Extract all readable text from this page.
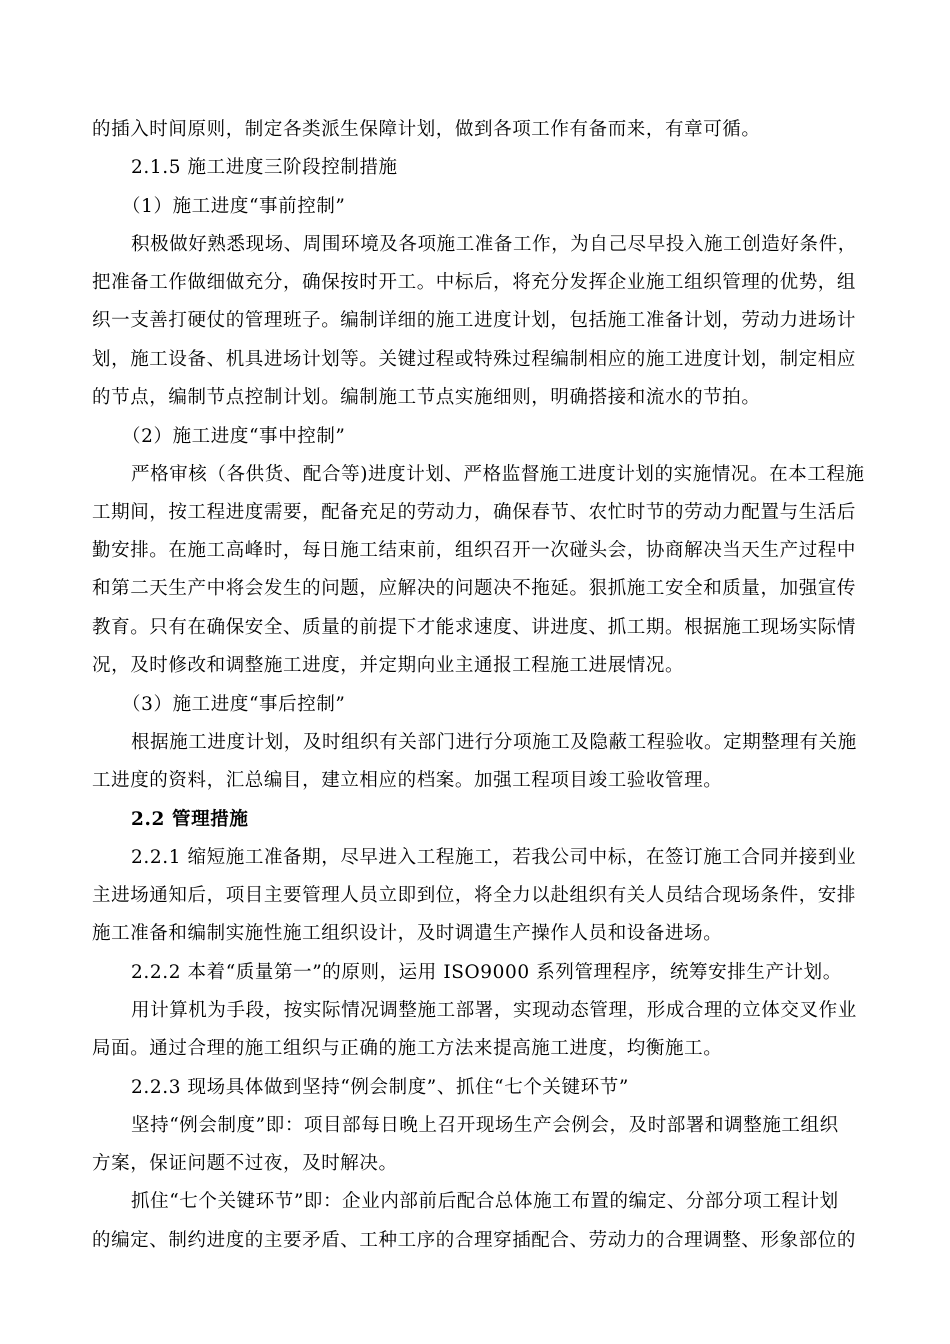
的插入时间原则，制定各类派生保障计划，做到各项工作有备而来，有章可循。

2.1.5 施工进度三阶段控制措施

（1）施工进度“事前控制”

积极做好熟悉现场、周围环境及各项施工准备工作，为自己尽早投入施工创造好条件，

把准备工作做细做充分，确保按时开工。中标后，将充分发挥企业施工组织管理的优势，组

织一支善打硬仗的管理班子。编制详细的施工进度计划，包括施工准备计划，劳动力进场计

划，施工设备、机具进场计划等。关键过程或特殊过程编制相应的施工进度计划，制定相应

的节点，编制节点控制计划。编制施工节点实施细则，明确搭接和流水的节拍。

（2）施工进度“事中控制”

严格审核（各供货、配合等)进度计划、严格监督施工进度计划的实施情况。在本工程施

工期间，按工程进度需要，配备充足的劳动力，确保春节、农忙时节的劳动力配置与生活后

勤安排。在施工高峰时，每日施工结束前，组织召开一次碰头会，协商解决当天生产过程中

和第二天生产中将会发生的问题，应解决的问题决不拖延。狠抓施工安全和质量，加强宣传

教育。只有在确保安全、质量的前提下才能求速度、讲进度、抓工期。根据施工现场实际情

况，及时修改和调整施工进度，并定期向业主通报工程施工进展情况。

（3）施工进度“事后控制”

根据施工进度计划，及时组织有关部门进行分项施工及隐蔽工程验收。定期整理有关施

工进度的资料，汇总编目，建立相应的档案。加强工程项目竣工验收管理。

2.2 管理措施

2.2.1 缩短施工准备期，尽早进入工程施工，若我公司中标，在签订施工合同并接到业

主进场通知后，项目主要管理人员立即到位，将全力以赴组织有关人员结合现场条件，安排

施工准备和编制实施性施工组织设计，及时调遣生产操作人员和设备进场。

2.2.2 本着“质量第一”的原则，运用 ISO9000 系列管理程序，统筹安排生产计划。

用计算机为手段，按实际情况调整施工部署，实现动态管理，形成合理的立体交叉作业

局面。通过合理的施工组织与正确的施工方法来提高施工进度，均衡施工。

2.2.3 现场具体做到坚持“例会制度”、抓住“七个关键环节”

坚持“例会制度”即：项目部每日晚上召开现场生产会例会，及时部署和调整施工组织

方案，保证问题不过夜，及时解决。

抓住“七个关键环节”即：企业内部前后配合总体施工布置的编定、分部分项工程计划

的编定、制约进度的主要矛盾、工种工序的合理穿插配合、劳动力的合理调整、形象部位的
